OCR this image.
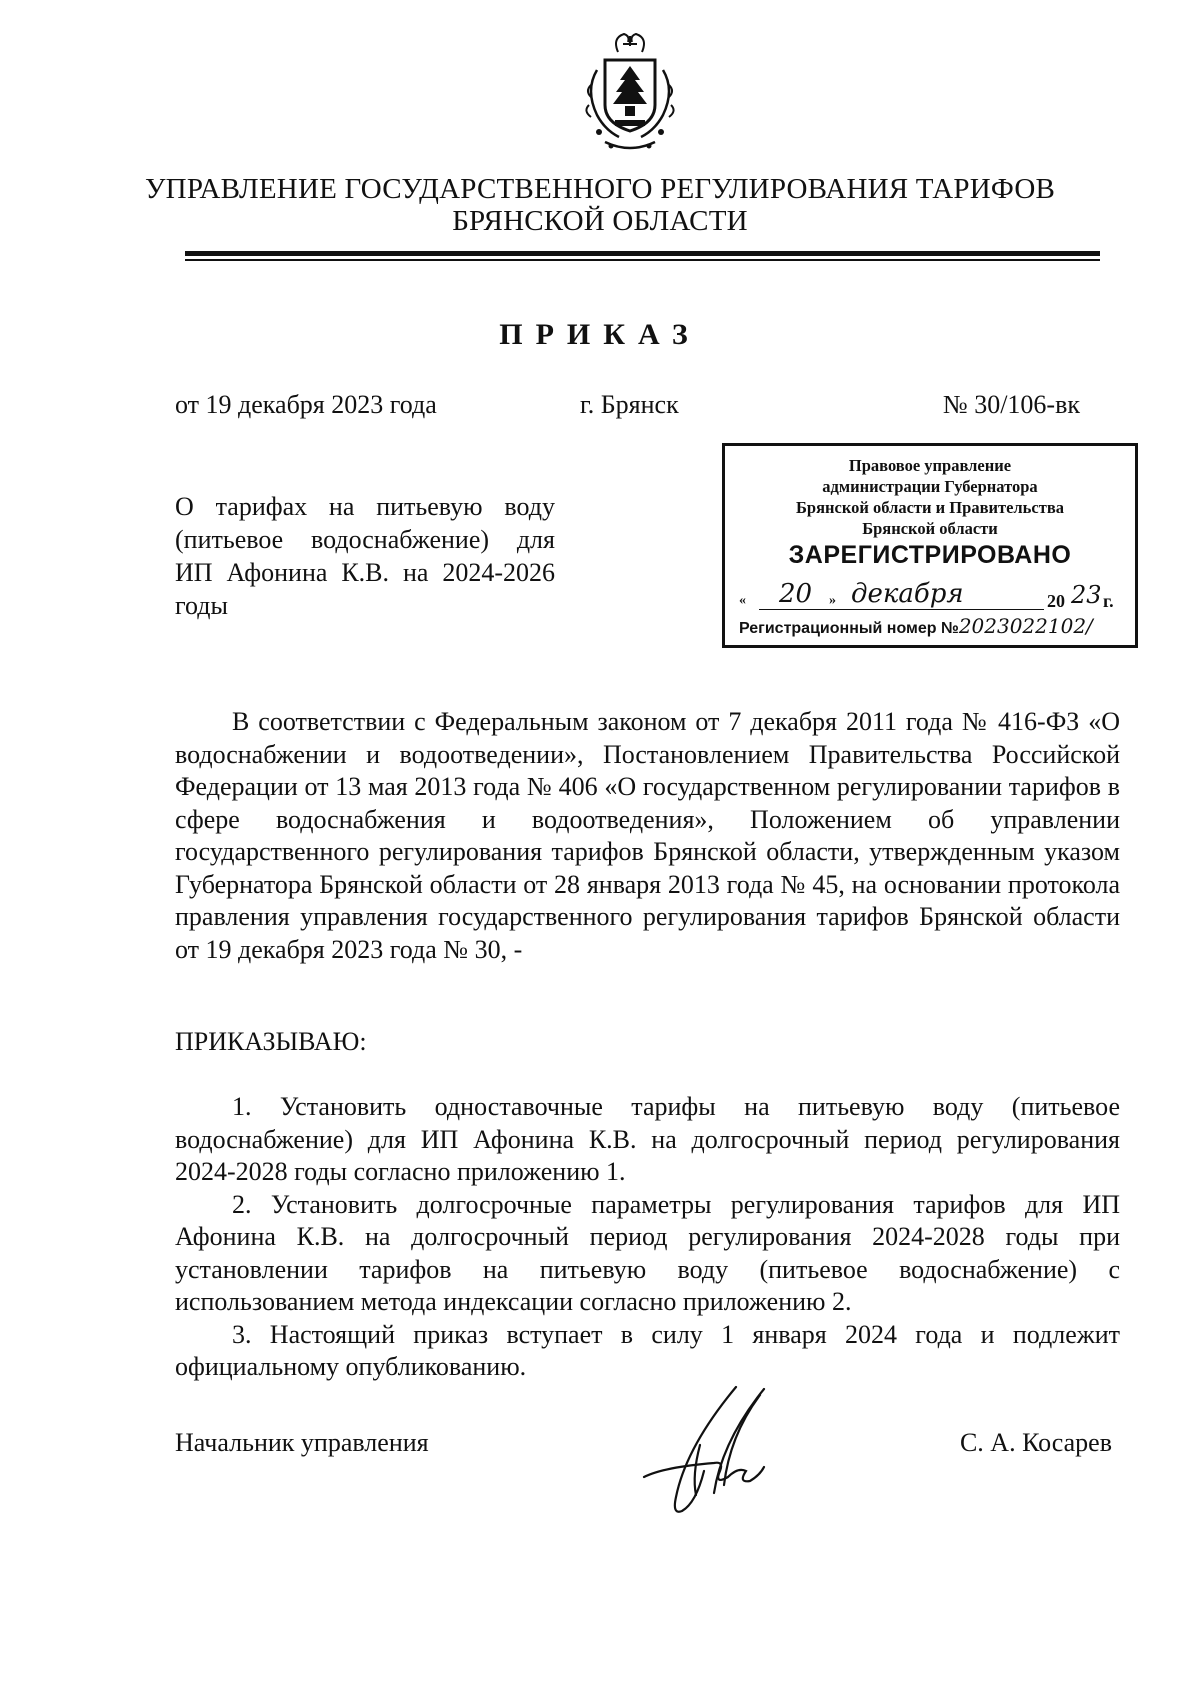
УПРАВЛЕНИЕ ГОСУДАРСТВЕННОГО РЕГУЛИРОВАНИЯ ТАРИФОВ
БРЯНСКОЙ ОБЛАСТИ
ПРИКАЗ
от 19 декабря 2023 года	г. Брянск	№ 30/106-вк
Правовое управление
администрации Губернатора
Брянской области и Правительства
Брянской области
ЗАРЕГИСТРИРОВАНО
« 20 » декабря	20 23 г.
Регистрационный номер №2023022102/
О тарифах на питьевую воду (питьевое водоснабжение) для ИП Афонина К.В. на 2024-2026 годы

В соответствии с Федеральным законом от 7 декабря 2011 года № 416-ФЗ «О водоснабжении и водоотведении», Постановлением Правительства Российской Федерации от 13 мая 2013 года № 406 «О государственном регулировании тарифов в сфере водоснабжения и водоотведения», Положением об управлении государственного регулирования тарифов Брянской области, утвержденным указом Губернатора Брянской области от 28 января 2013 года № 45, на основании протокола правления управления государственного регулирования тарифов Брянской области от 19 декабря 2023 года № 30, -

ПРИКАЗЫВАЮ:

1. Установить одноставочные тарифы на питьевую воду (питьевое водоснабжение) для ИП Афонина К.В. на долгосрочный период регулирования 2024-2028 годы согласно приложению 1.

2. Установить долгосрочные параметры регулирования тарифов для ИП Афонина К.В. на долгосрочный период регулирования 2024-2028 годы при установлении тарифов на питьевую воду (питьевое водоснабжение) с использованием метода индексации согласно приложению 2.

3. Настоящий приказ вступает в силу 1 января 2024 года и подлежит официальному опубликованию.

Начальник управления	С. А. Косарев
